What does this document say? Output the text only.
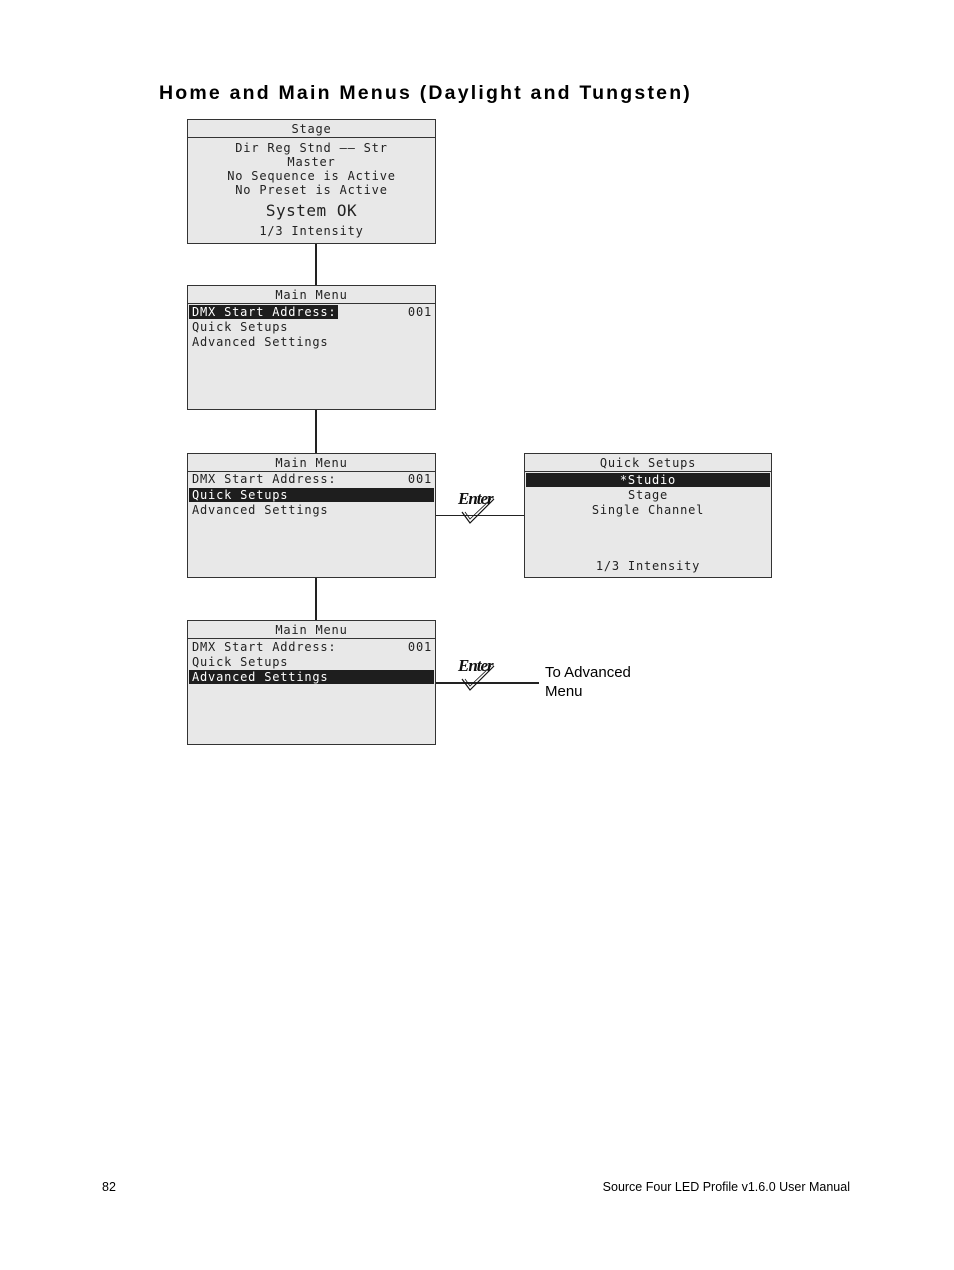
Home and Main Menus (Daylight and Tungsten)
Stage
Dir Reg Stnd —— Str
Master
No Sequence is Active
No Preset is Active
System OK
1/3 Intensity
Main Menu
DMX Start Address:	001
Quick Setups
Advanced Settings
Main Menu
DMX Start Address:	001
Quick Setups
Advanced Settings
Enter
Quick Setups
*Studio
Stage
Single Channel
1/3 Intensity
Main Menu
DMX Start Address:	001
Quick Setups
Advanced Settings
Enter	To Advanced
Menu
82	Source Four LED Profile v1.6.0 User Manual
